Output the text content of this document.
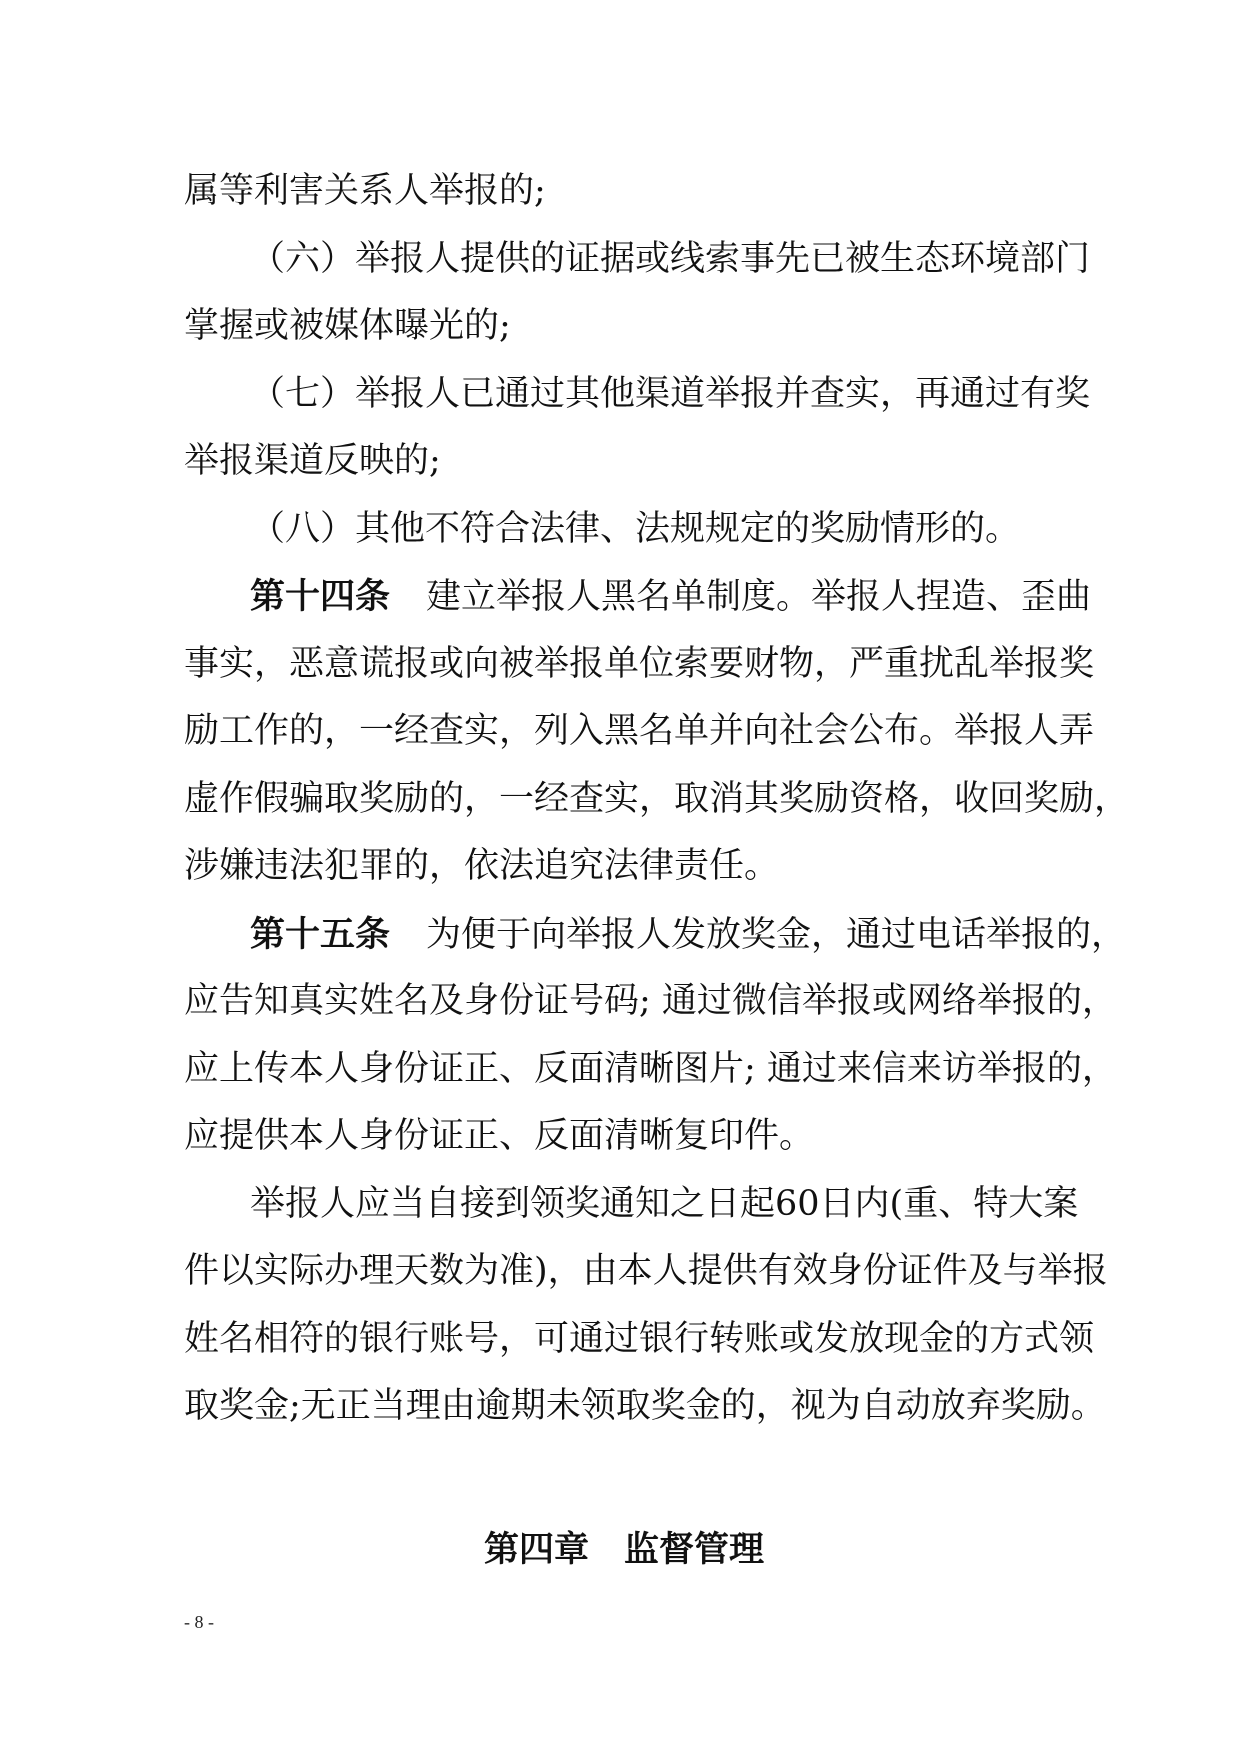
属等利害关系人举报的;
（六）举报人提供的证据或线索事先已被生态环境部门
掌握或被媒体曝光的;
（七）举报人已通过其他渠道举报并查实，再通过有奖
举报渠道反映的;
（八）其他不符合法律、法规规定的奖励情形的。
第十四条 建立举报人黑名单制度。举报人捏造、歪曲
事实，恶意谎报或向被举报单位索要财物，严重扰乱举报奖
励工作的，一经查实，列入黑名单并向社会公布。举报人弄
虚作假骗取奖励的，一经查实，取消其奖励资格，收回奖励，
涉嫌违法犯罪的，依法追究法律责任。
第十五条 为便于向举报人发放奖金，通过电话举报的，
应告知真实姓名及身份证号码; 通过微信举报或网络举报的，
应上传本人身份证正、反面清晰图片; 通过来信来访举报的，
应提供本人身份证正、反面清晰复印件。
举报人应当自接到领奖通知之日起60日内(重、特大案
件以实际办理天数为准)，由本人提供有效身份证件及与举报
姓名相符的银行账号，可通过银行转账或发放现金的方式领
取奖金;无正当理由逾期未领取奖金的，视为自动放弃奖励。
第四章　监督管理
- 8 -
